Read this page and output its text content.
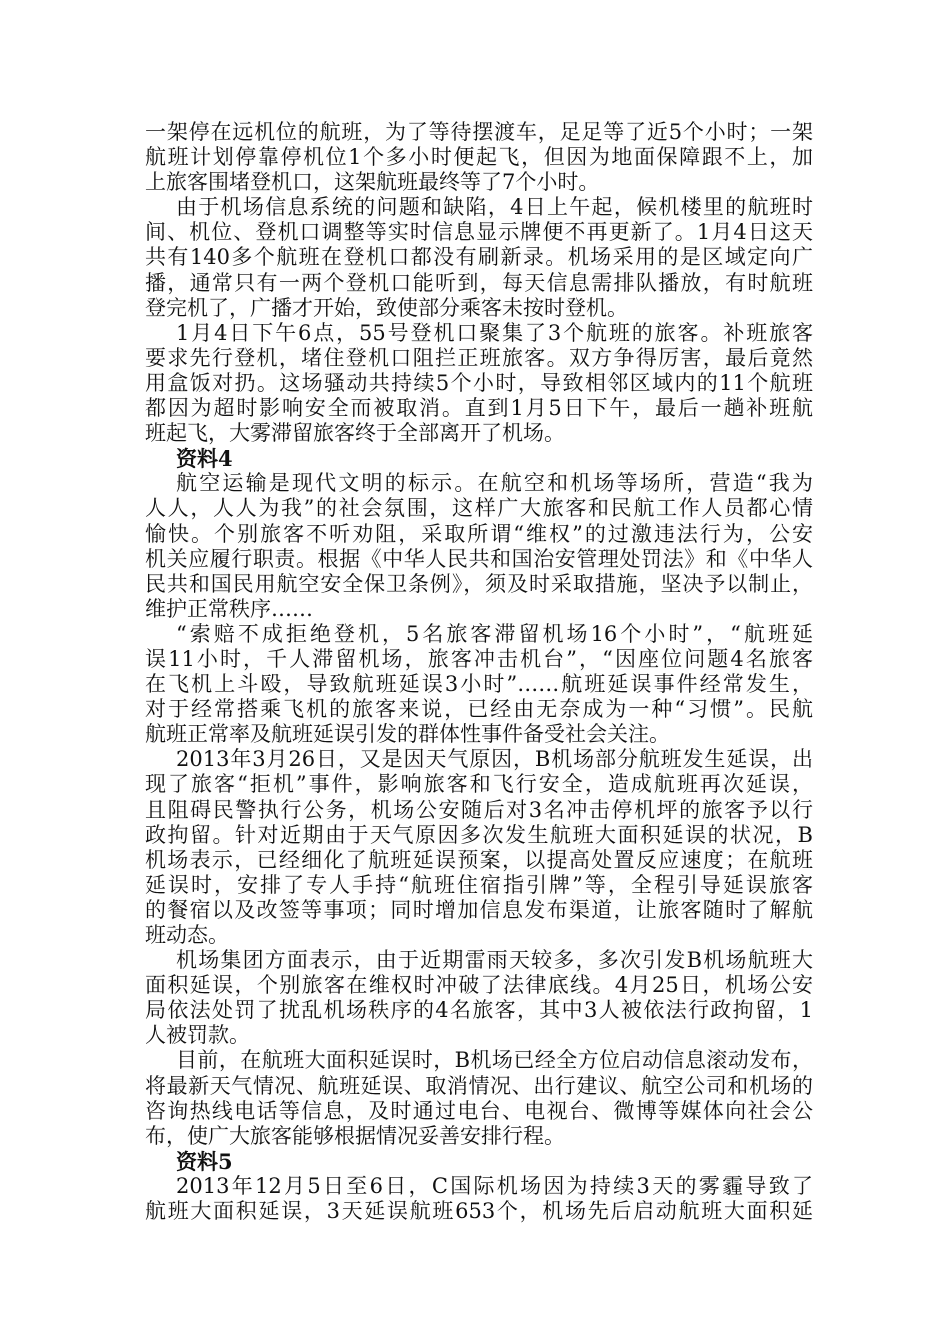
一架停在远机位的航班，为了等待摆渡车，足足等了近5个小时；一架
航班计划停靠停机位1个多小时便起飞，但因为地面保障跟不上，加
上旅客围堵登机口，这架航班最终等了7个小时。
由于机场信息系统的问题和缺陷，4日上午起，候机楼里的航班时
间、机位、登机口调整等实时信息显示牌便不再更新了。1月4日这天
共有140多个航班在登机口都没有刷新录。机场采用的是区域定向广
播，通常只有一两个登机口能听到，每天信息需排队播放，有时航班
登完机了，广播才开始，致使部分乘客未按时登机。
1月4日下午6点，55号登机口聚集了3个航班的旅客。补班旅客
要求先行登机，堵住登机口阻拦正班旅客。双方争得厉害，最后竟然
用盒饭对扔。这场骚动共持续5个小时，导致相邻区域内的11个航班
都因为超时影响安全而被取消。直到1月5日下午，最后一趟补班航
班起飞，大雾滞留旅客终于全部离开了机场。
资料4
航空运输是现代文明的标示。在航空和机场等场所，营造“我为
人人，人人为我”的社会氛围，这样广大旅客和民航工作人员都心情
愉快。个别旅客不听劝阻，采取所谓“维权”的过激违法行为，公安
机关应履行职责。根据《中华人民共和国治安管理处罚法》和《中华人
民共和国民用航空安全保卫条例》，须及时采取措施，坚决予以制止，
维护正常秩序……
“索赔不成拒绝登机，5名旅客滞留机场16个小时”，“航班延
误11小时，千人滞留机场，旅客冲击机台”，“因座位问题4名旅客
在飞机上斗殴，导致航班延误3小时”……航班延误事件经常发生，
对于经常搭乘飞机的旅客来说，已经由无奈成为一种“习惯”。民航
航班正常率及航班延误引发的群体性事件备受社会关注。
2013年3月26日，又是因天气原因，B机场部分航班发生延误，出
现了旅客“拒机”事件，影响旅客和飞行安全，造成航班再次延误，
且阻碍民警执行公务，机场公安随后对3名冲击停机坪的旅客予以行
政拘留。针对近期由于天气原因多次发生航班大面积延误的状况，B
机场表示，已经细化了航班延误预案，以提高处置反应速度；在航班
延误时，安排了专人手持“航班住宿指引牌”等，全程引导延误旅客
的餐宿以及改签等事项；同时增加信息发布渠道，让旅客随时了解航
班动态。
机场集团方面表示，由于近期雷雨天较多，多次引发B机场航班大
面积延误，个别旅客在维权时冲破了法律底线。4月25日，机场公安
局依法处罚了扰乱机场秩序的4名旅客，其中3人被依法行政拘留，1
人被罚款。
目前，在航班大面积延误时，B机场已经全方位启动信息滚动发布，
将最新天气情况、航班延误、取消情况、出行建议、航空公司和机场的
咨询热线电话等信息，及时通过电台、电视台、微博等媒体向社会公
布，使广大旅客能够根据情况妥善安排行程。
资料5
2013年12月5日至6日，C国际机场因为持续3天的雾霾导致了
航班大面积延误，3天延误航班653个，机场先后启动航班大面积延
